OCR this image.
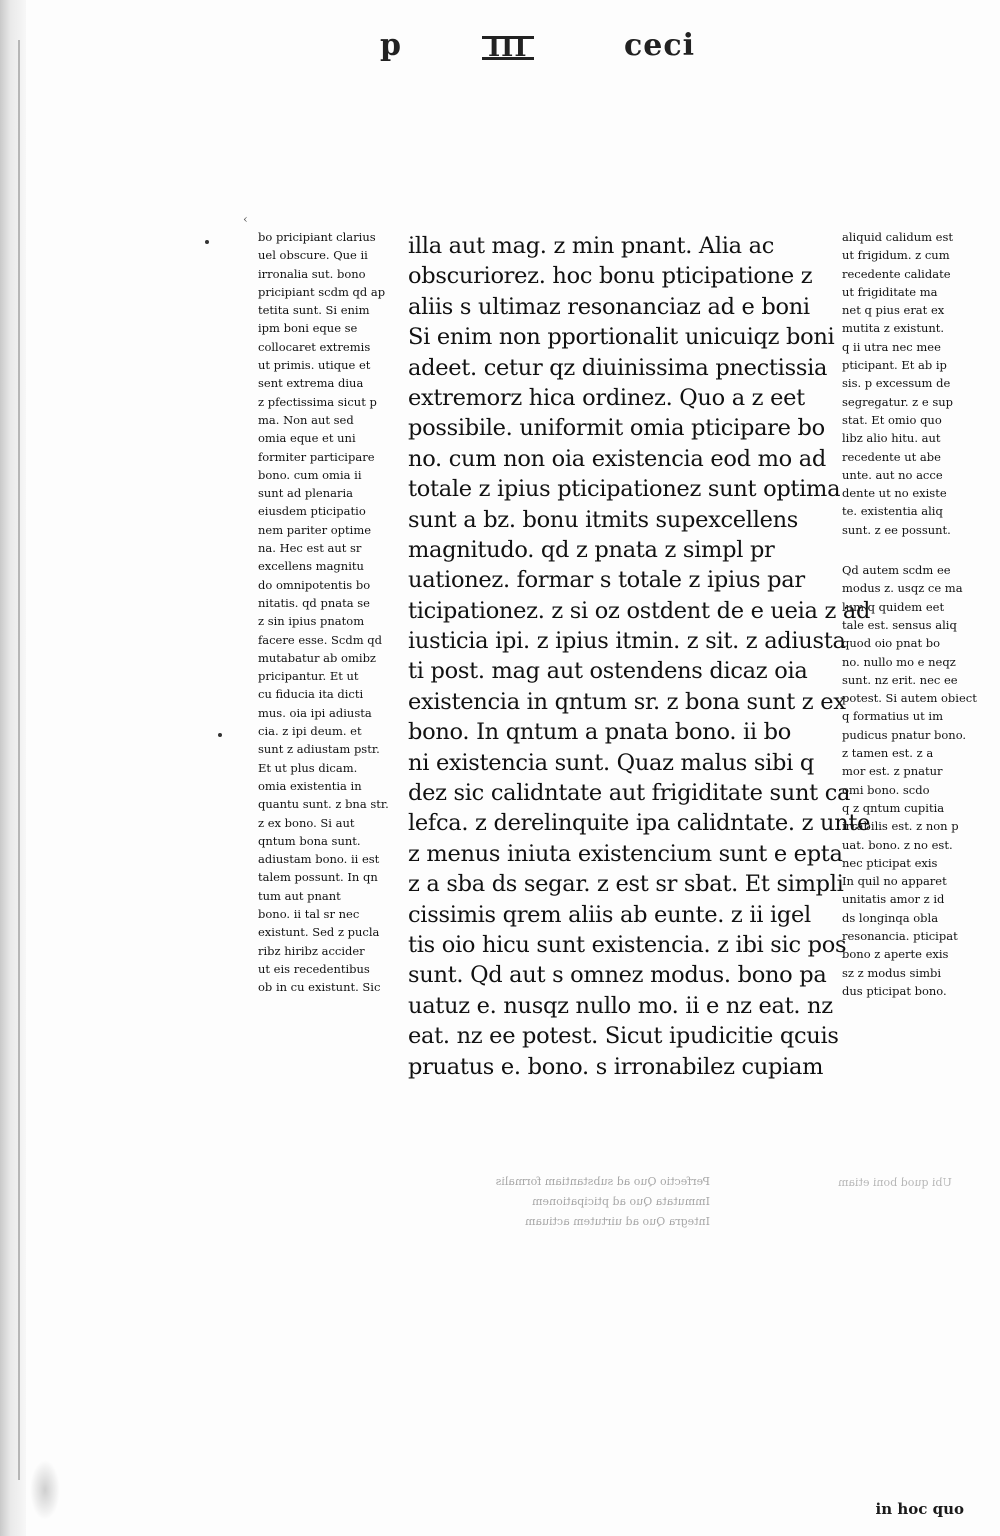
p	III	ceci
‹
bo pricipiant clarius
uel obscure. Que ii
irronalia sut. bono
pricipiant scdm qd ap
tetita sunt. Si enim
ipm boni eque se
collocaret extremis
ut primis. utique et
sent extrema diua
z pfectissima sicut p
ma. Non aut sed
omia eque et uni
formiter participare
bono. cum omia ii
sunt ad plenaria
eiusdem pticipatio
nem pariter optime
na. Hec est aut sr
excellens magnitu
do omnipotentis bo
nitatis. qd pnata se
z sin ipius pnatom
facere esse. Scdm qd
mutabatur ab omibz
pricipantur. Et ut
cu fiducia ita dicti
mus. oia ipi adiusta
cia. z ipi deum. et
sunt z adiustam pstr.
Et ut plus dicam.
omia existentia in
quantu sunt. z bna str.
z ex bono. Si aut
qntum bona sunt.
adiustam bono. ii est
talem possunt. In qn
tum aut pnant
bono. ii tal sr nec
existunt. Sed z pucla
ribz hiribz accider
ut eis recedentibus
ob in cu existunt. Sic
illa aut mag. z min pnant. Alia ac
obscuriorez. hoc bonu pticipatione z
aliis s ultimaz resonanciaz ad e boni
Si enim non pportionalit unicuiqz boni
adeet. cetur qz diuinissima pnectissia
extremorz hica ordinez. Quo a z eet
possibile. uniformit omia pticipare bo
no. cum non oia existencia eod mo ad
totale z ipius pticipationez sunt optima
sunt a bz. bonu itmits supexcellens
magnitudo. qd z pnata z simpl pr
uationez. formar s totale z ipius par
ticipationez. z si oz ostdent de e ueia z ad
iusticia ipi. z ipius itmin. z sit. z adiusta
ti post. mag aut ostendens dicaz oia
existencia in qntum sr. z bona sunt z ex
bono. In qntum a pnata bono. ii bo
ni existencia sunt. Quaz malus sibi q
dez sic calidntate aut frigiditate sunt ca
lefca. z derelinquite ipa calidntate. z unte
z menus iniuta existencium sunt e epta
z a sba ds segar. z est sr sbat. Et simpli
cissimis qrem aliis ab eunte. z ii igel
tis oio hicu sunt existencia. z ibi sic pos
sunt. Qd aut s omnez modus. bono pa
uatuz e. nusqz nullo mo. ii e nz eat. nz
eat. nz ee potest. Sicut ipudicitie qcuis
pruatus e. bono. s irronabilez cupiam
aliquid calidum est
ut frigidum. z cum
recedente calidate
ut frigiditate ma
net q pius erat ex
mutita z existunt.
q ii utra nec mee
pticipant. Et ab ip
sis. p excessum de
segregatur. z e sup
stat. Et omio quo
libz alio hitu. aut
recedente ut abe
unte. aut no acce
dente ut no existe
te. existentia aliq
sunt. z ee possunt.
Qd autem scdm ee
modus z. usqz ce ma
lum q quidem eet
tale est. sensus aliq
quod oio pnat bo
no. nullo mo e neqz
sunt. nz erit. nec ee
potest. Si autem obiect
q formatius ut im
pudicus pnatur bono.
z tamen est. z a
mor est. z pnatur
omi bono. scdo
q z qntum cupitia
irrabilis est. z non p
uat. bono. z no est.
nec pticipat exis
In quil no apparet
unitatis amor z id
ds longinqa obla
resonancia. pticipat
bono z aperte exis
sz z modus simbi
dus pticipat bono.
Perfectio Quo ad substantiam formalis
Immutata Quo ad pticipationem
Integra Quo ad uirtutem actiuam
Ubi quod boni etiam
in hoc quo
